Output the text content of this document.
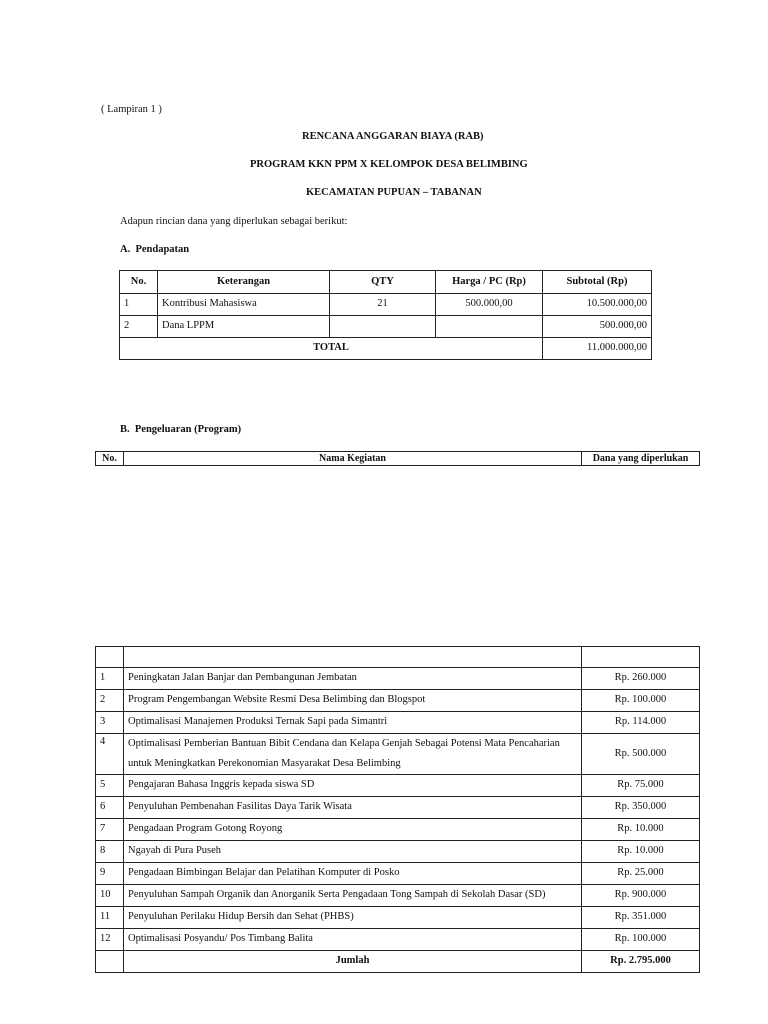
( Lampiran 1 )
RENCANA ANGGARAN BIAYA (RAB)
PROGRAM KKN PPM X KELOMPOK DESA BELIMBING
KECAMATAN PUPUAN – TABANAN
Adapun rincian dana yang diperlukan sebagai berikut:
A. Pendapatan
No.	Keterangan	QTY	Harga / PC (Rp)	Subtotal (Rp)
1	Kontribusi Mahasiswa	21	500.000,00	10.500.000,00
2	Dana LPPM			500.000,00
TOTAL				11.000.000,00
B. Pengeluaran (Program)
No.	Nama Kegiatan	Dana yang diperlukan

1	Peningkatan Jalan Banjar dan Pembangunan Jembatan	Rp. 260.000
2	Program Pengembangan Website Resmi Desa Belimbing dan Blogspot	Rp. 100.000
3	Optimalisasi Manajemen Produksi Ternak Sapi pada Simantri	Rp. 114.000
4	Optimalisasi Pemberian Bantuan Bibit Cendana dan Kelapa Genjah Sebagai Potensi Mata Pencaharian untuk Meningkatkan Perekonomian Masyarakat Desa Belimbing	Rp. 500.000
5	Pengajaran Bahasa Inggris kepada siswa SD	Rp. 75.000
6	Penyuluhan Pembenahan Fasilitas Daya Tarik Wisata	Rp. 350.000
7	Pengadaan Program Gotong Royong	Rp. 10.000
8	Ngayah di Pura Puseh	Rp. 10.000
9	Pengadaan Bimbingan Belajar dan Pelatihan Komputer di Posko	Rp. 25.000
10	Penyuluhan Sampah Organik dan Anorganik Serta Pengadaan Tong Sampah di Sekolah Dasar (SD)	Rp. 900.000
11	Penyuluhan Perilaku Hidup Bersih dan Sehat (PHBS)	Rp. 351.000
12	Optimalisasi Posyandu/ Pos Timbang Balita	Rp. 100.000
	Jumlah	Rp. 2.795.000
